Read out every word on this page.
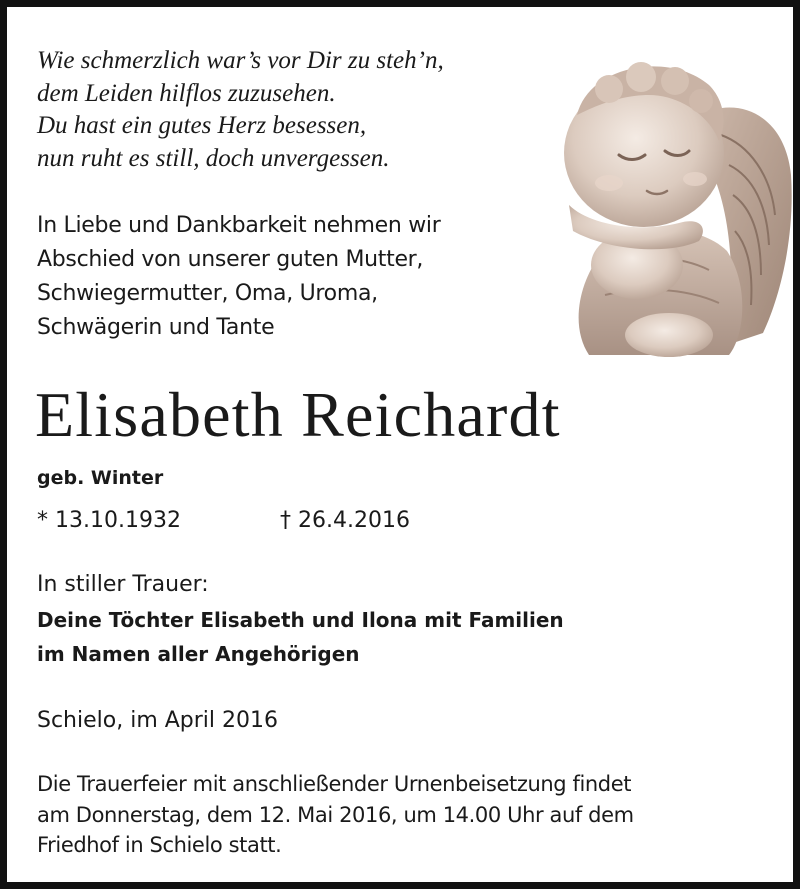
Wie schmerzlich war’s vor Dir zu steh’n,
dem Leiden hilflos zuzusehen.
Du hast ein gutes Herz besessen,
nun ruht es still, doch unvergessen.
In Liebe und Dankbarkeit nehmen wir
Abschied von unserer guten Mutter,
Schwiegermutter, Oma, Uroma,
Schwägerin und Tante
Elisabeth Reichardt
geb. Winter
* 13.10.1932	† 26.4.2016
In stiller Trauer:
Deine Töchter Elisabeth und Ilona mit Familien
im Namen aller Angehörigen
Schielo, im April 2016
Die Trauerfeier mit anschließender Urnenbeisetzung findet
am Donnerstag, dem 12. Mai 2016, um 14.00 Uhr auf dem
Friedhof in Schielo statt.
